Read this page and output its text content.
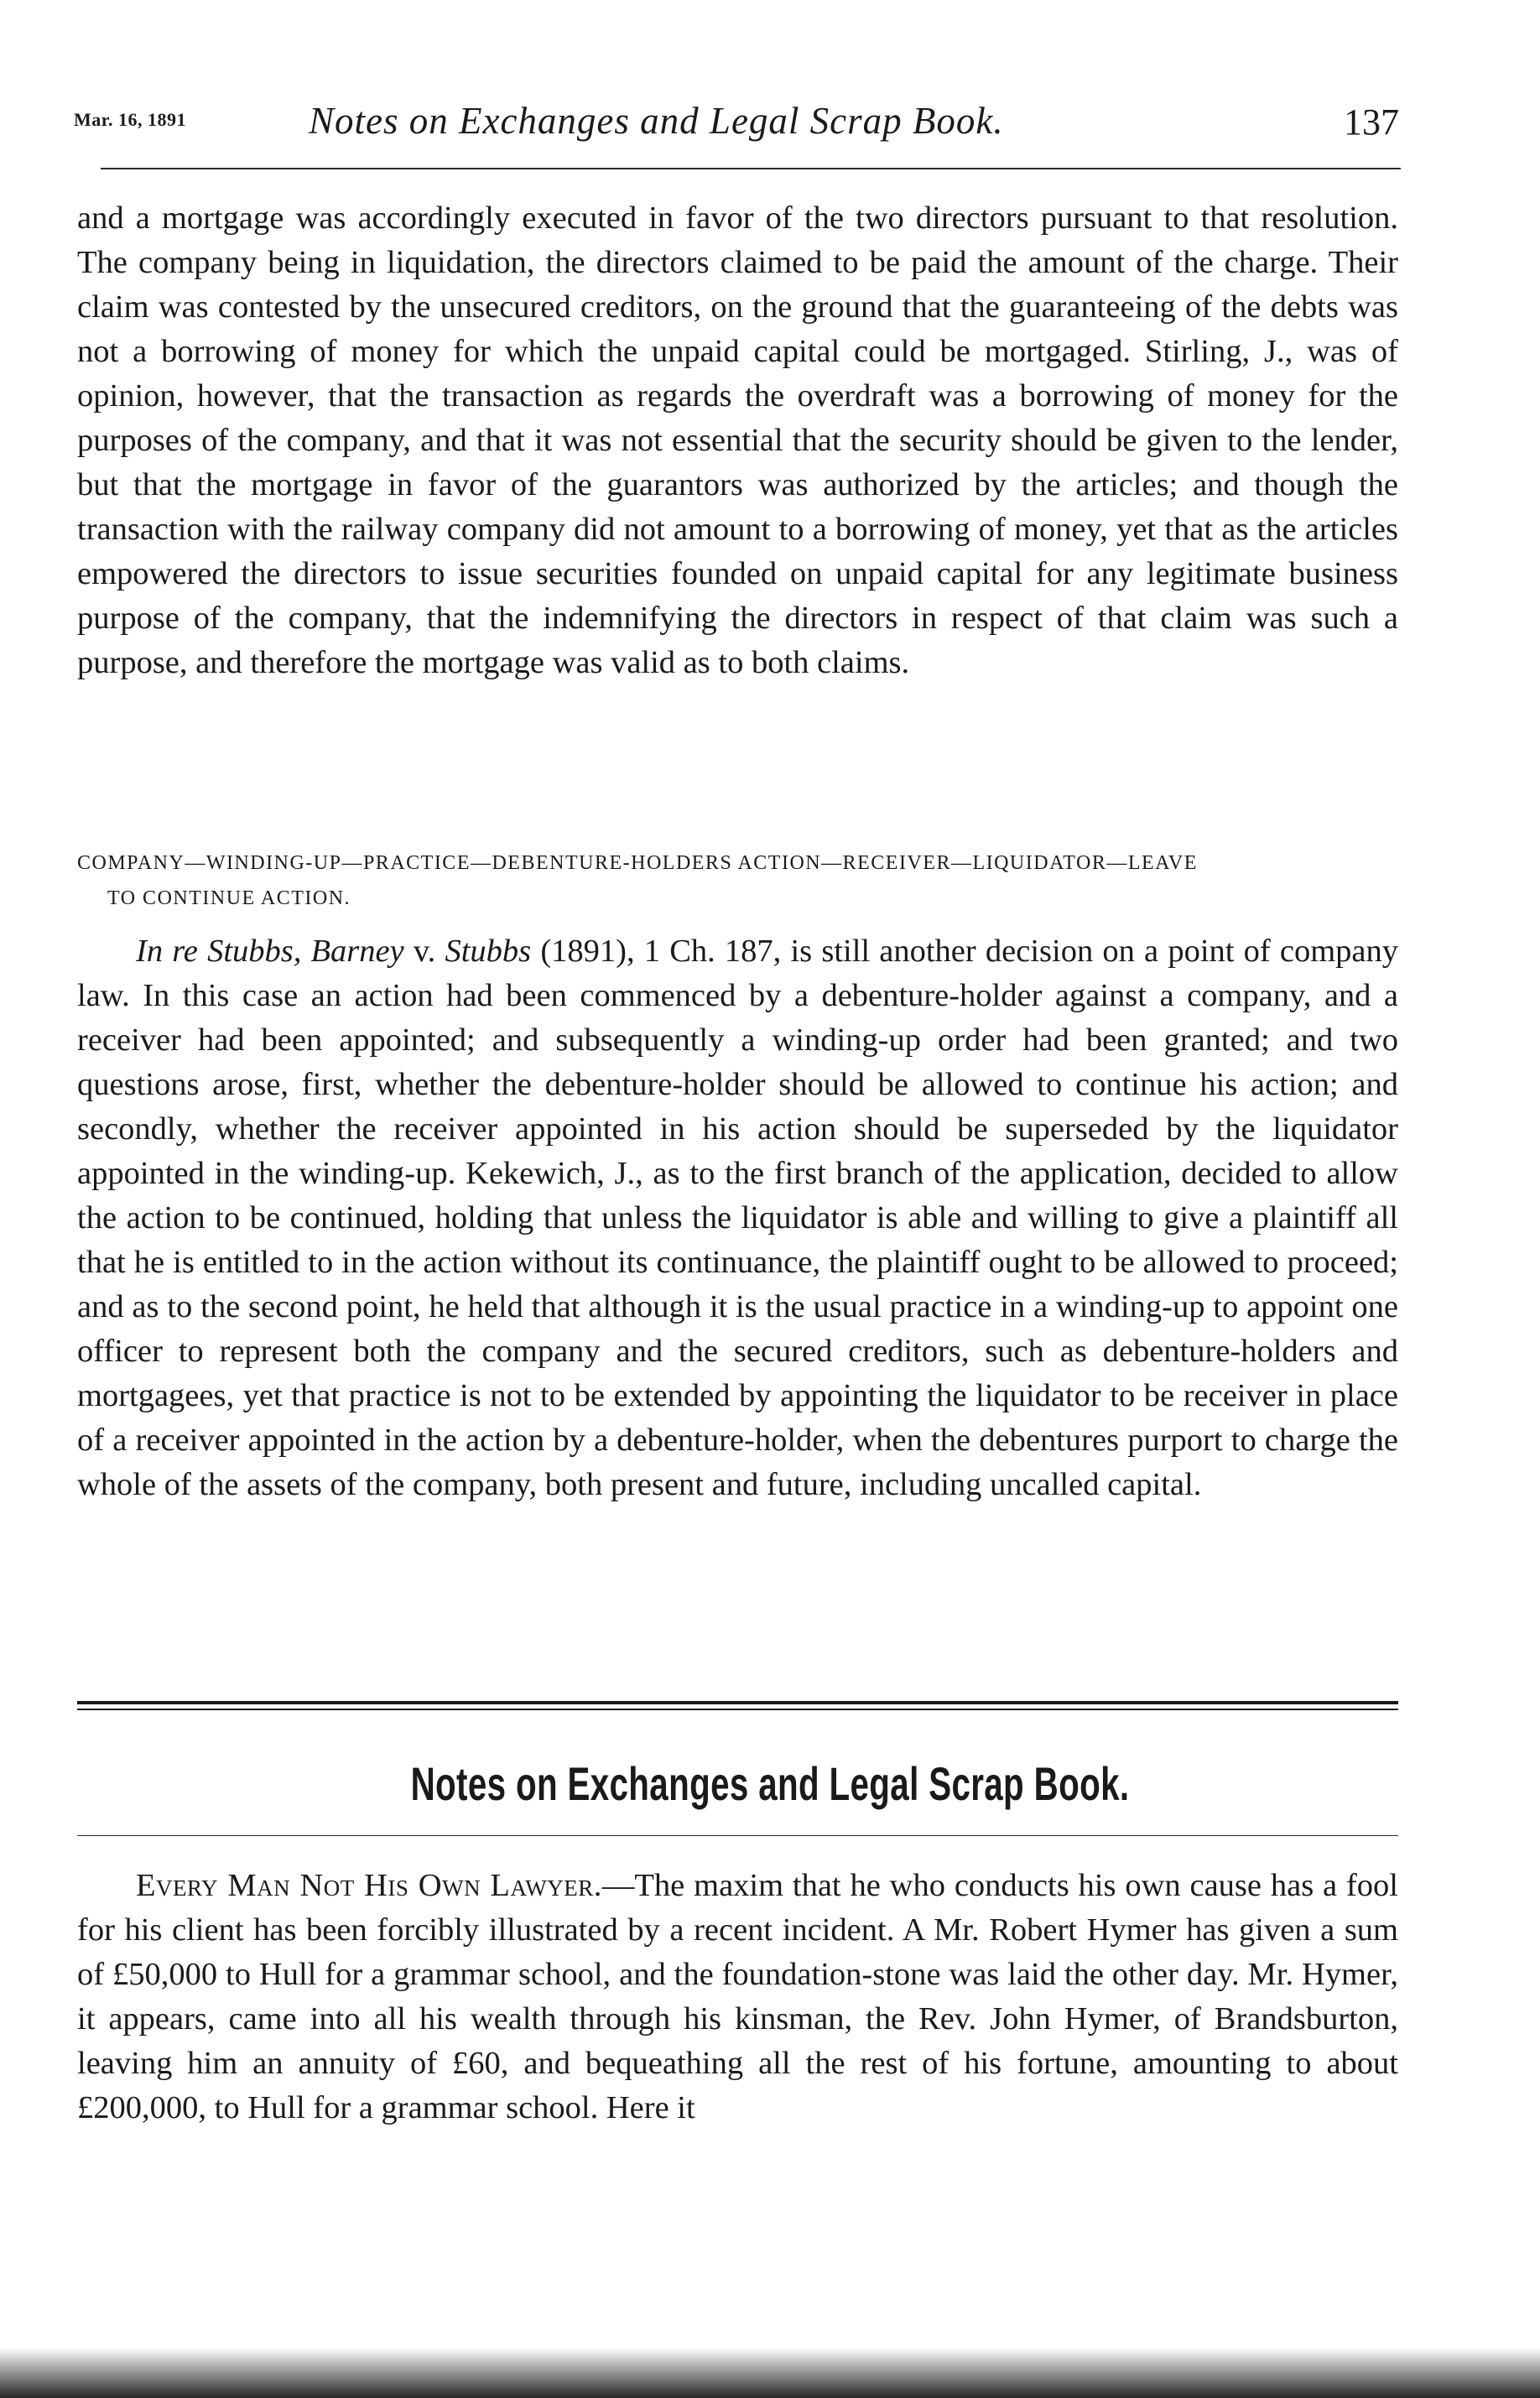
Mar. 16, 1891	Notes on Exchanges and Legal Scrap Book.	137

and a mortgage was accordingly executed in favor of the two directors pursuant to that resolution. The company being in liquidation, the directors claimed to be paid the amount of the charge. Their claim was contested by the unsecured creditors, on the ground that the guaranteeing of the debts was not a borrowing of money for which the unpaid capital could be mortgaged. Stirling, J., was of opinion, however, that the transaction as regards the overdraft was a borrowing of money for the purposes of the company, and that it was not essential that the security should be given to the lender, but that the mortgage in favor of the guarantors was authorized by the articles; and though the transaction with the railway company did not amount to a borrowing of money, yet that as the articles empowered the directors to issue securities founded on unpaid capital for any legitimate business purpose of the company, that the indemnifying the directors in respect of that claim was such a purpose, and therefore the mortgage was valid as to both claims.

COMPANY—WINDING-UP—PRACTICE—DEBENTURE-HOLDERS ACTION—RECEIVER—LIQUIDATOR—LEAVE
TO CONTINUE ACTION.

In re Stubbs, Barney v. Stubbs (1891), 1 Ch. 187, is still another decision on a point of company law. In this case an action had been commenced by a debenture-holder against a company, and a receiver had been appointed; and subsequently a winding-up order had been granted; and two questions arose, first, whether the debenture-holder should be allowed to continue his action; and secondly, whether the receiver appointed in his action should be superseded by the liquidator appointed in the winding-up. Kekewich, J., as to the first branch of the application, decided to allow the action to be continued, holding that unless the liquidator is able and willing to give a plaintiff all that he is entitled to in the action without its continuance, the plaintiff ought to be allowed to proceed; and as to the second point, he held that although it is the usual practice in a winding-up to appoint one officer to represent both the company and the secured creditors, such as debenture-holders and mortgagees, yet that practice is not to be extended by appointing the liquidator to be receiver in place of a receiver appointed in the action by a debenture-holder, when the debentures purport to charge the whole of the assets of the company, both present and future, including uncalled capital.

Notes on Exchanges and Legal Scrap Book.

Every Man Not His Own Lawyer.—The maxim that he who conducts his own cause has a fool for his client has been forcibly illustrated by a recent incident. A Mr. Robert Hymer has given a sum of £50,000 to Hull for a grammar school, and the foundation-stone was laid the other day. Mr. Hymer, it appears, came into all his wealth through his kinsman, the Rev. John Hymer, of Brandsburton, leaving him an annuity of £60, and bequeathing all the rest of his fortune, amounting to about £200,000, to Hull for a grammar school. Here it
